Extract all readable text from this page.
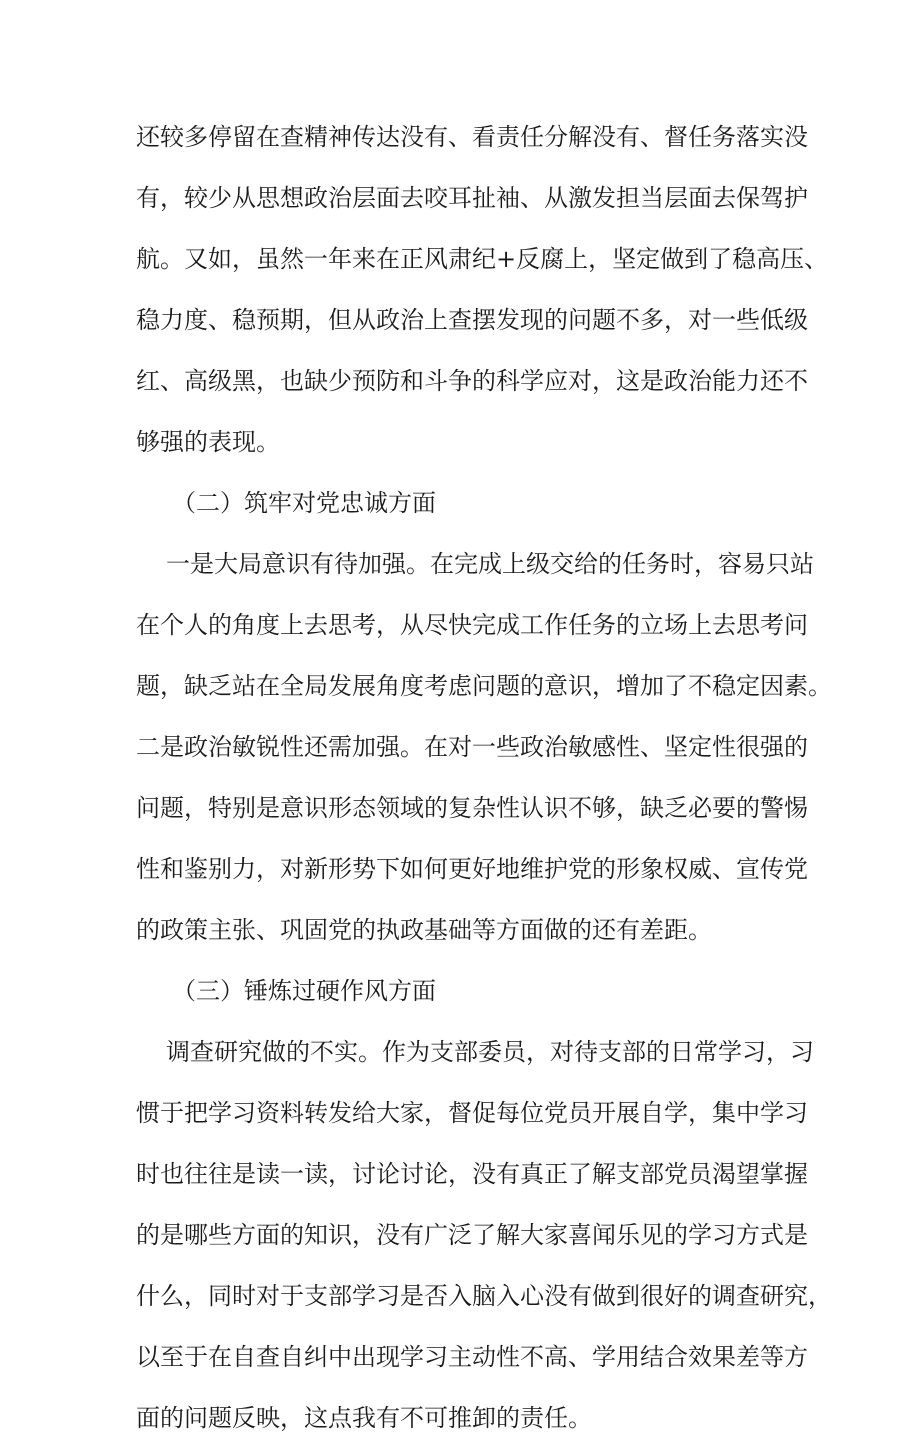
还较多停留在查精神传达没有、看责任分解没有、督任务落实没
有，较少从思想政治层面去咬耳扯袖、从激发担当层面去保驾护
航。又如，虽然一年来在正风肃纪+反腐上，坚定做到了稳高压、
稳力度、稳预期，但从政治上查摆发现的问题不多，对一些低级
红、高级黑，也缺少预防和斗争的科学应对，这是政治能力还不
够强的表现。
（二）筑牢对党忠诚方面
一是大局意识有待加强。在完成上级交给的任务时，容易只站
在个人的角度上去思考，从尽快完成工作任务的立场上去思考问
题，缺乏站在全局发展角度考虑问题的意识，增加了不稳定因素。
二是政治敏锐性还需加强。在对一些政治敏感性、坚定性很强的
问题，特别是意识形态领域的复杂性认识不够，缺乏必要的警惕
性和鉴别力，对新形势下如何更好地维护党的形象权威、宣传党
的政策主张、巩固党的执政基础等方面做的还有差距。
（三）锤炼过硬作风方面
调查研究做的不实。作为支部委员，对待支部的日常学习，习
惯于把学习资料转发给大家，督促每位党员开展自学，集中学习
时也往往是读一读，讨论讨论，没有真正了解支部党员渴望掌握
的是哪些方面的知识，没有广泛了解大家喜闻乐见的学习方式是
什么，同时对于支部学习是否入脑入心没有做到很好的调查研究，
以至于在自查自纠中出现学习主动性不高、学用结合效果差等方
面的问题反映，这点我有不可推卸的责任。
